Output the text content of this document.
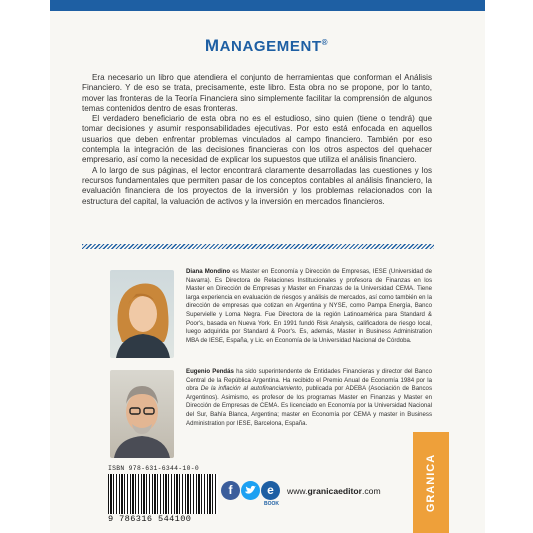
MANAGEMENT®

Era necesario un libro que atendiera el conjunto de herramientas que conforman el Análisis Financiero. Y de eso se trata, precisamente, este libro. Esta obra no se propone, por lo tanto, mover las fronteras de la Teoría Financiera sino simplemente facilitar la comprensión de algunos temas contenidos dentro de esas fronteras.

El verdadero beneficiario de esta obra no es el estudioso, sino quien (tiene o tendrá) que tomar decisiones y asumir responsabilidades ejecutivas. Por esto está enfocada en aquellos usuarios que deben enfrentar problemas vinculados al campo financiero. También por eso contempla la integración de las decisiones financieras con los otros aspectos del quehacer empresario, así como la necesidad de explicar los supuestos que utiliza el análisis financiero.

A lo largo de sus páginas, el lector encontrará claramente desarrolladas las cuestiones y los recursos fundamentales que permiten pasar de los conceptos contables al análisis financiero, la evaluación financiera de los proyectos de la inversión y los problemas relacionados con la estructura del capital, la valuación de activos y la inversión en mercados financieros.

Diana Mondino es Master en Economía y Dirección de Empresas, IESE (Universidad de Navarra). Es Directora de Relaciones Institucionales y profesora de Finanzas en los Master en Dirección de Empresas y Master en Finanzas de la Universidad CEMA. Tiene larga experiencia en evaluación de riesgos y análisis de mercados, así como también en la dirección de empresas que cotizan en Argentina y NYSE, como Pampa Energía, Banco Supervielle y Loma Negra. Fue Directora de la región Latinoamérica para Standard & Poor's, basada en Nueva York. En 1991 fundó Risk Analysis, calificadora de riesgo local, luego adquirida por Standard & Poor's. Es, además, Master in Business Administration MBA de IESE, España, y Lic. en Economía de la Universidad Nacional de Córdoba.
Eugenio Pendás ha sido superintendente de Entidades Financieras y director del Banco Central de la República Argentina. Ha recibido el Premio Anual de Economía 1984 por la obra De la inflación al autofinanciamiento, publicada por ADEBA (Asociación de Bancos Argentinos). Asimismo, es profesor de los programas Master en Finanzas y Master en Dirección de Empresas de CEMA. Es licenciado en Economía por la Universidad Nacional del Sur, Bahía Blanca, Argentina; master en Economía por CEMA y master in Business Administration por IESE, Barcelona, España.
ISBN 978-631-6344-10-0
9 786316 544100
f	e
BOOK
www.granicaeditor.com	GRANICA
